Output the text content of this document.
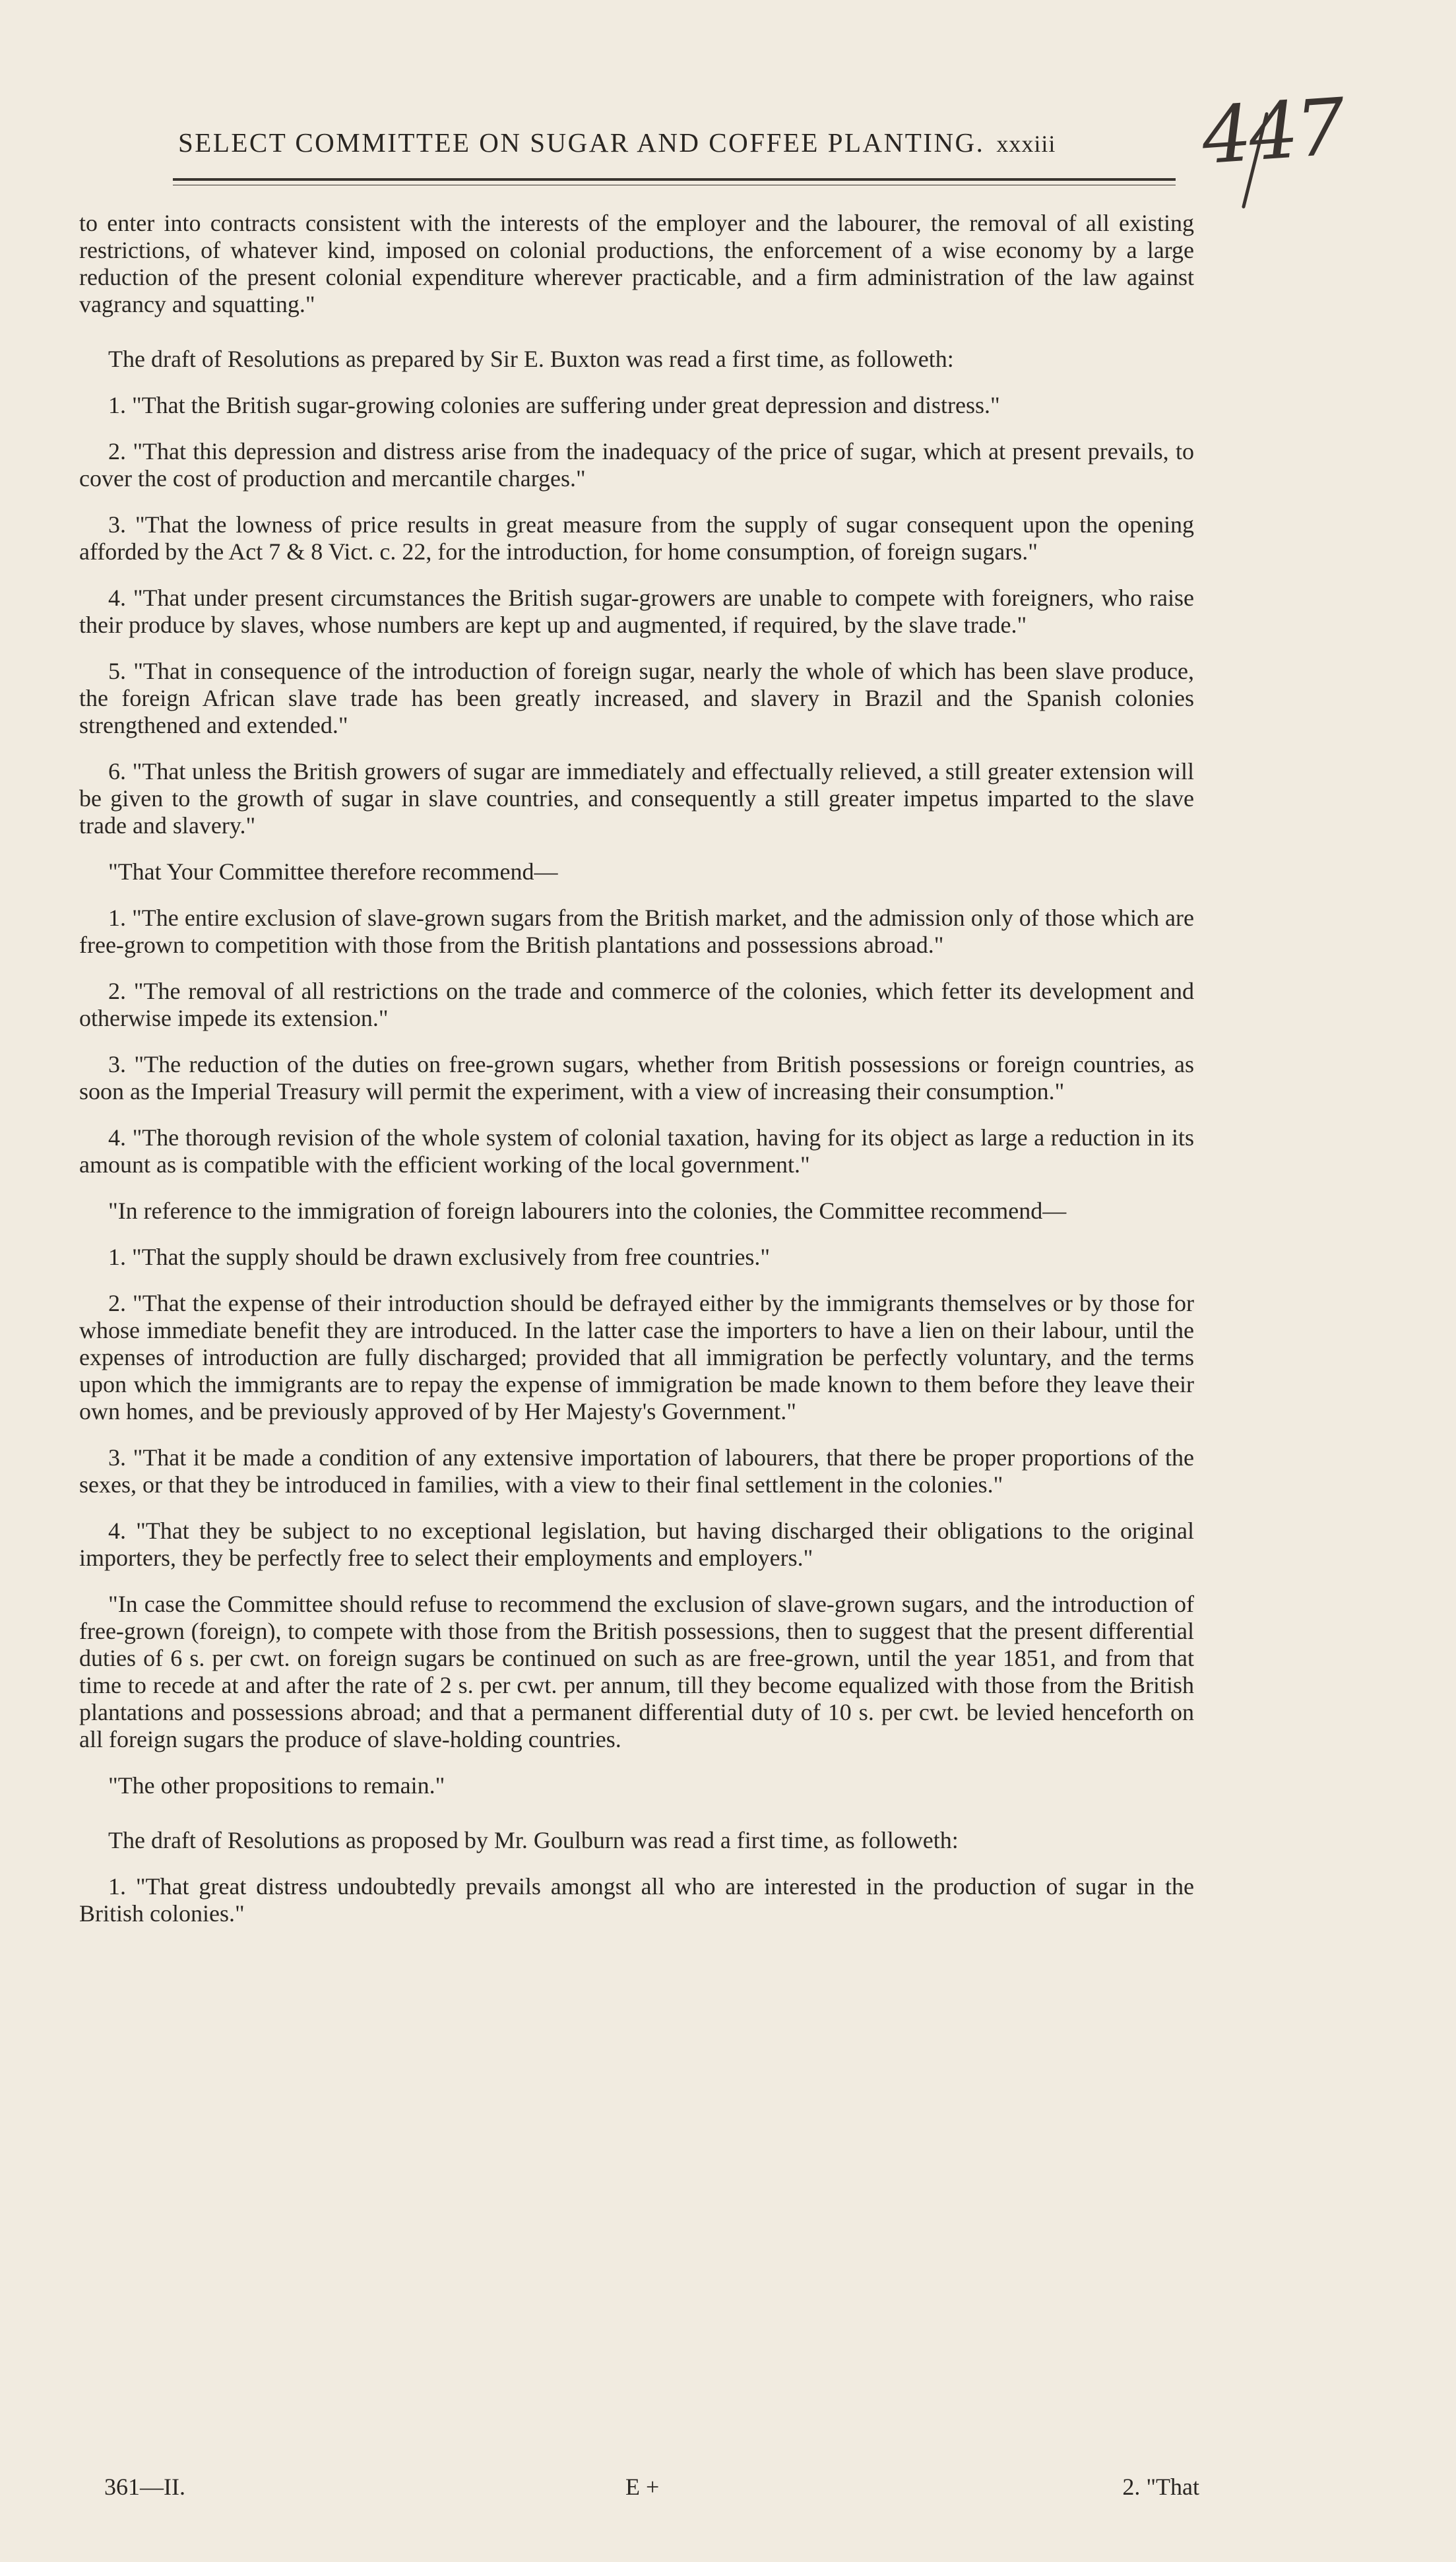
SELECT COMMITTEE ON SUGAR AND COFFEE PLANTING. xxxiii	447

to enter into contracts consistent with the interests of the employer and the labourer, the removal of all existing restrictions, of whatever kind, imposed on colonial productions, the enforcement of a wise economy by a large reduction of the present colonial expenditure wherever practicable, and a firm administration of the law against vagrancy and squatting."

The draft of Resolutions as prepared by Sir E. Buxton was read a first time, as followeth:

1. "That the British sugar-growing colonies are suffering under great depression and distress."

2. "That this depression and distress arise from the inadequacy of the price of sugar, which at present prevails, to cover the cost of production and mercantile charges."

3. "That the lowness of price results in great measure from the supply of sugar consequent upon the opening afforded by the Act 7 & 8 Vict. c. 22, for the introduction, for home consumption, of foreign sugars."

4. "That under present circumstances the British sugar-growers are unable to compete with foreigners, who raise their produce by slaves, whose numbers are kept up and augmented, if required, by the slave trade."

5. "That in consequence of the introduction of foreign sugar, nearly the whole of which has been slave produce, the foreign African slave trade has been greatly increased, and slavery in Brazil and the Spanish colonies strengthened and extended."

6. "That unless the British growers of sugar are immediately and effectually relieved, a still greater extension will be given to the growth of sugar in slave countries, and consequently a still greater impetus imparted to the slave trade and slavery."

"That Your Committee therefore recommend—

1. "The entire exclusion of slave-grown sugars from the British market, and the admission only of those which are free-grown to competition with those from the British plantations and possessions abroad."

2. "The removal of all restrictions on the trade and commerce of the colonies, which fetter its development and otherwise impede its extension."

3. "The reduction of the duties on free-grown sugars, whether from British possessions or foreign countries, as soon as the Imperial Treasury will permit the experiment, with a view of increasing their consumption."

4. "The thorough revision of the whole system of colonial taxation, having for its object as large a reduction in its amount as is compatible with the efficient working of the local government."

"In reference to the immigration of foreign labourers into the colonies, the Committee recommend—

1. "That the supply should be drawn exclusively from free countries."

2. "That the expense of their introduction should be defrayed either by the immigrants themselves or by those for whose immediate benefit they are introduced. In the latter case the importers to have a lien on their labour, until the expenses of introduction are fully discharged; provided that all immigration be perfectly voluntary, and the terms upon which the immigrants are to repay the expense of immigration be made known to them before they leave their own homes, and be previously approved of by Her Majesty's Government."

3. "That it be made a condition of any extensive importation of labourers, that there be proper proportions of the sexes, or that they be introduced in families, with a view to their final settlement in the colonies."

4. "That they be subject to no exceptional legislation, but having discharged their obligations to the original importers, they be perfectly free to select their employments and employers."

"In case the Committee should refuse to recommend the exclusion of slave-grown sugars, and the introduction of free-grown (foreign), to compete with those from the British possessions, then to suggest that the present differential duties of 6 s. per cwt. on foreign sugars be continued on such as are free-grown, until the year 1851, and from that time to recede at and after the rate of 2 s. per cwt. per annum, till they become equalized with those from the British plantations and possessions abroad; and that a permanent differential duty of 10 s. per cwt. be levied henceforth on all foreign sugars the produce of slave-holding countries.

"The other propositions to remain."

The draft of Resolutions as proposed by Mr. Goulburn was read a first time, as followeth:

1. "That great distress undoubtedly prevails amongst all who are interested in the production of sugar in the British colonies."

361—II.	E +	2. "That
